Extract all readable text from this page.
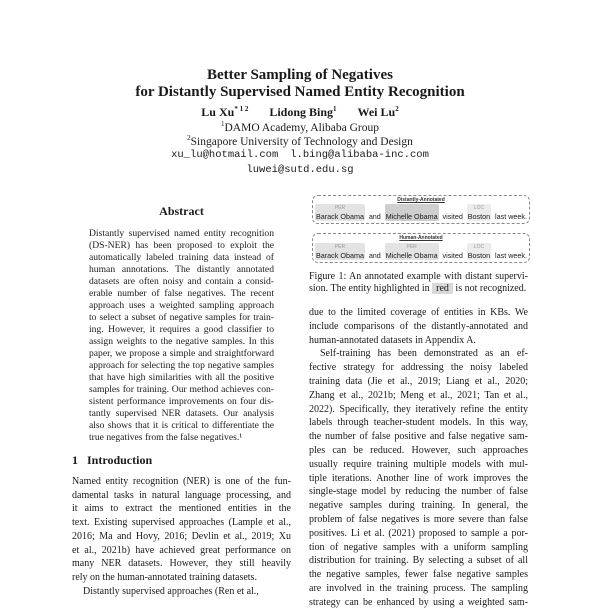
Better Sampling of Negatives
for Distantly Supervised Named Entity Recognition
Lu $Xu^{* 1 2}$ Lidong Bing$^1$ Wei Lu$^2$
$^1$DAMO Academy, Alibaba Group
$^2$Singapore University of Technology and Design
xu_lu@hotmail.com l.bing@alibaba-inc.com
luwei@sutd.edu.sg
Abstract
Distantly supervised named entity recognition
(DS-NER) has been proposed to exploit the
automatically labeled training data instead of
human annotations. The distantly annotated
datasets are often noisy and contain a consid-
erable number of false negatives. The recent
approach uses a weighted sampling approach
to select a subset of negative samples for train-
ing. However, it requires a good classifier to
assign weights to the negative samples. In this
paper, we propose a simple and straightforward
approach for selecting the top negative samples
that have high similarities with all the positive
samples for training. Our method achieves con-
sistent performance improvements on four dis-
tantly supervised NER datasets. Our analysis
also shows that it is critical to differentiate the
true negatives from the false negatives.¹
1   Introduction
Named entity recognition (NER) is one of the fun-
damental tasks in natural language processing, and
it aims to extract the mentioned entities in the
text. Existing supervised approaches (Lample et al.,
2016; Ma and Hovy, 2016; Devlin et al., 2019; Xu
et al., 2021b) have achieved great performance on
many NER datasets. However, they still heavily
rely on the human-annotated training datasets.
Distantly supervised approaches (Ren et al.,
Distantly-Annotated
PER
Barack Obama and
Michelle Obama visited
LOC
Boston last week.
Human-Annotated
PER
Barack Obama and
PER
Michelle Obama visited
LOC
Boston last week.
Figure 1: An annotated example with distant supervi-
sion. The entity highlighted in red is not recognized.
due to the limited coverage of entities in KBs. We
include comparisons of the distantly-annotated and
human-annotated datasets in Appendix A.
Self-training has been demonstrated as an ef-
fective strategy for addressing the noisy labeled
training data (Jie et al., 2019; Liang et al., 2020;
Zhang et al., 2021b; Meng et al., 2021; Tan et al.,
2022). Specifically, they iteratively refine the entity
labels through teacher-student models. In this way,
the number of false positive and false negative sam-
ples can be reduced. However, such approaches
usually require training multiple models with mul-
tiple iterations. Another line of work improves the
single-stage model by reducing the number of false
negative samples during training. In general, the
problem of false negatives is more severe than false
positives. Li et al. (2021) proposed to sample a por-
tion of negative samples with a uniform sampling
distribution for training. By selecting a subset of all
the negative samples, fewer false negative samples
are involved in the training process. The sampling
strategy can be enhanced by using a weighted sam-
